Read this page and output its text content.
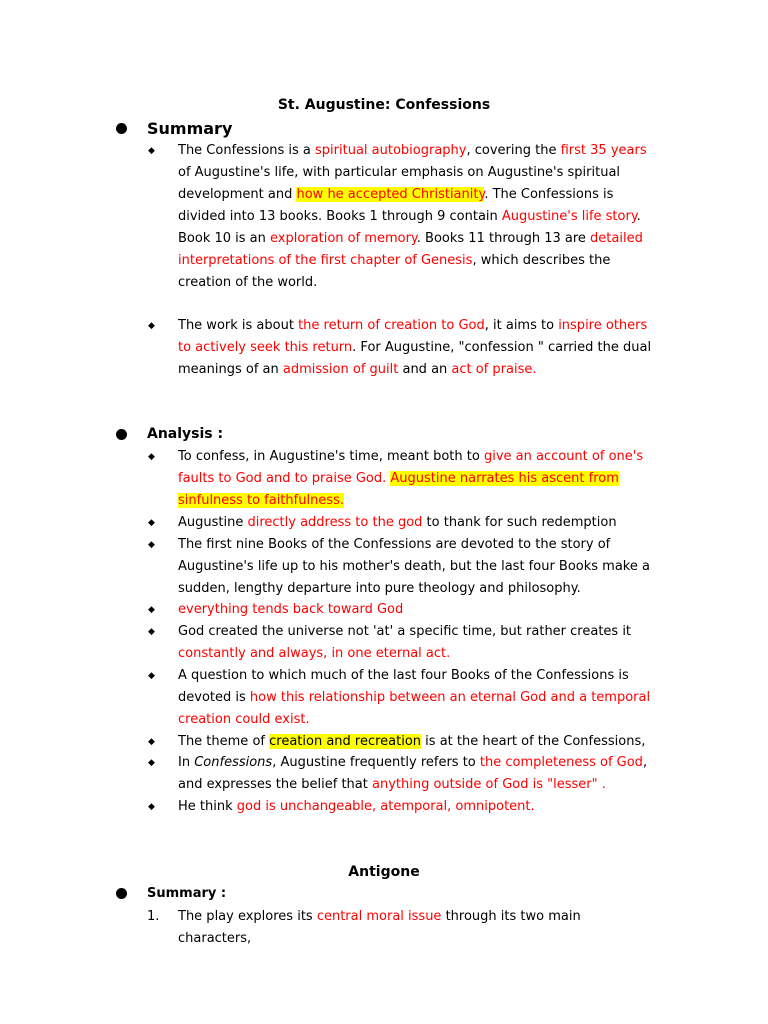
St. Augustine: Confessions
Summary
◆ The Confessions is a spiritual autobiography, covering the first 35 years of Augustine's life, with particular emphasis on Augustine's spiritual development and how he accepted Christianity. The Confessions is divided into 13 books. Books 1 through 9 contain Augustine's life story. Book 10 is an exploration of memory. Books 11 through 13 are detailed interpretations of the first chapter of Genesis, which describes the creation of the world.
◆ The work is about the return of creation to God, it aims to inspire others to actively seek this return. For Augustine, "confession " carried the dual meanings of an admission of guilt and an act of praise.
Analysis :
◆ To confess, in Augustine's time, meant both to give an account of one's faults to God and to praise God. Augustine narrates his ascent from sinfulness to faithfulness.
◆ Augustine directly address to the god to thank for such redemption
◆ The first nine Books of the Confessions are devoted to the story of Augustine's life up to his mother's death, but the last four Books make a sudden, lengthy departure into pure theology and philosophy.
◆ everything tends back toward God
◆ God created the universe not 'at' a specific time, but rather creates it constantly and always, in one eternal act.
◆ A question to which much of the last four Books of the Confessions is devoted is how this relationship between an eternal God and a temporal creation could exist.
◆ The theme of creation and recreation is at the heart of the Confessions,
◆ In Confessions, Augustine frequently refers to the completeness of God, and expresses the belief that anything outside of God is "lesser" .
◆ He think god is unchangeable, atemporal, omnipotent.
Antigone
Summary :
1. The play explores its central moral issue through its two main characters,
